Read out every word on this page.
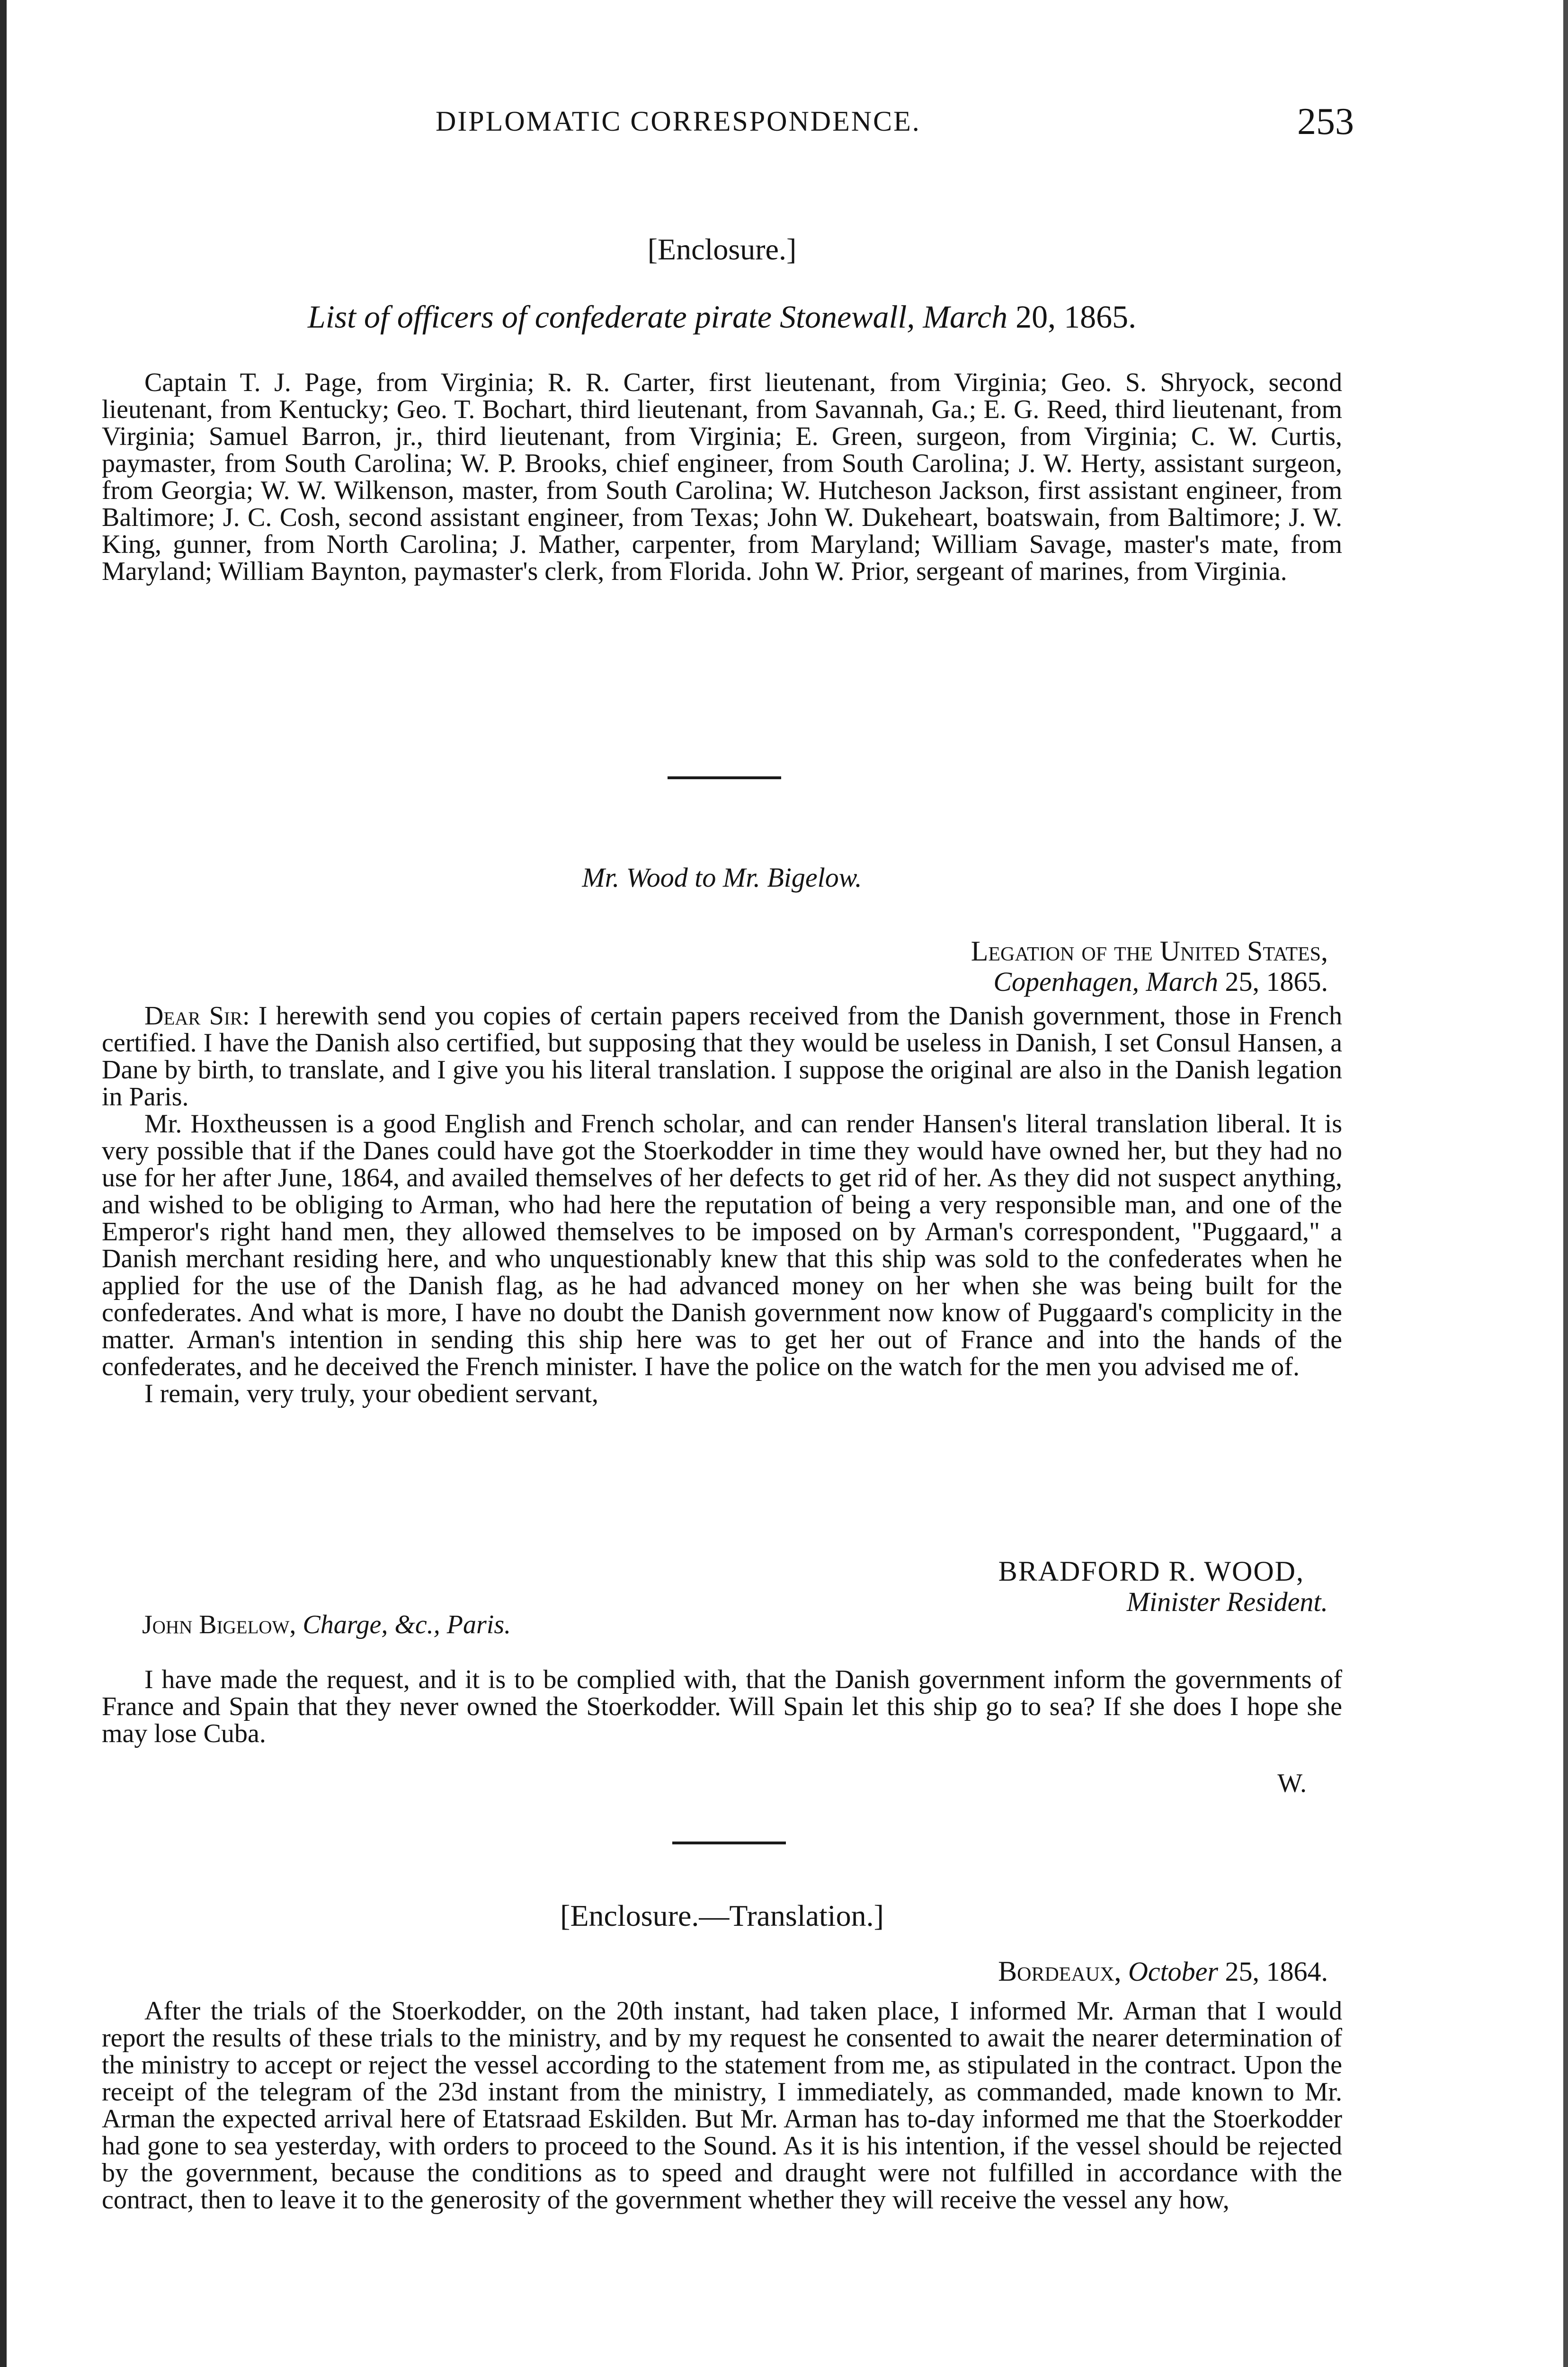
DIPLOMATIC CORRESPONDENCE.	253
[Enclosure.]
List of officers of confederate pirate Stonewall, March 20, 1865.

Captain T. J. Page, from Virginia; R. R. Carter, first lieutenant, from Virginia; Geo. S. Shryock, second lieutenant, from Kentucky; Geo. T. Bochart, third lieutenant, from Savannah, Ga.; E. G. Reed, third lieutenant, from Virginia; Samuel Barron, jr., third lieutenant, from Virginia; E. Green, surgeon, from Virginia; C. W. Curtis, paymaster, from South Carolina; W. P. Brooks, chief engineer, from South Carolina; J. W. Herty, assistant surgeon, from Georgia; W. W. Wilkenson, master, from South Carolina; W. Hutcheson Jackson, first assistant engineer, from Baltimore; J. C. Cosh, second assistant engineer, from Texas; John W. Dukeheart, boatswain, from Baltimore; J. W. King, gunner, from North Carolina; J. Mather, carpenter, from Maryland; William Savage, master's mate, from Maryland; William Baynton, paymaster's clerk, from Florida. John W. Prior, sergeant of marines, from Virginia.

Mr. Wood to Mr. Bigelow.
Legation of the United States,
Copenhagen, March 25, 1865.

Dear Sir: I herewith send you copies of certain papers received from the Danish government, those in French certified. I have the Danish also certified, but supposing that they would be useless in Danish, I set Consul Hansen, a Dane by birth, to translate, and I give you his literal translation. I suppose the original are also in the Danish legation in Paris.

Mr. Hoxtheussen is a good English and French scholar, and can render Hansen's literal translation liberal. It is very possible that if the Danes could have got the Stoerkodder in time they would have owned her, but they had no use for her after June, 1864, and availed themselves of her defects to get rid of her. As they did not suspect anything, and wished to be obliging to Arman, who had here the reputation of being a very responsible man, and one of the Emperor's right hand men, they allowed themselves to be imposed on by Arman's correspondent, "Puggaard," a Danish merchant residing here, and who unquestionably knew that this ship was sold to the confederates when he applied for the use of the Danish flag, as he had advanced money on her when she was being built for the confederates. And what is more, I have no doubt the Danish government now know of Puggaard's complicity in the matter. Arman's intention in sending this ship here was to get her out of France and into the hands of the confederates, and he deceived the French minister. I have the police on the watch for the men you advised me of.

I remain, very truly, your obedient servant,

BRADFORD R. WOOD,
Minister Resident.
John Bigelow, Charge, &c., Paris.

I have made the request, and it is to be complied with, that the Danish government inform the governments of France and Spain that they never owned the Stoerkodder. Will Spain let this ship go to sea? If she does I hope she may lose Cuba.

W.
[Enclosure.—Translation.]
Bordeaux, October 25, 1864.

After the trials of the Stoerkodder, on the 20th instant, had taken place, I informed Mr. Arman that I would report the results of these trials to the ministry, and by my request he consented to await the nearer determination of the ministry to accept or reject the vessel according to the statement from me, as stipulated in the contract. Upon the receipt of the telegram of the 23d instant from the ministry, I immediately, as commanded, made known to Mr. Arman the expected arrival here of Etatsraad Eskilden. But Mr. Arman has to-day informed me that the Stoerkodder had gone to sea yesterday, with orders to proceed to the Sound. As it is his intention, if the vessel should be rejected by the government, because the conditions as to speed and draught were not fulfilled in accordance with the contract, then to leave it to the generosity of the government whether they will receive the vessel any how,
